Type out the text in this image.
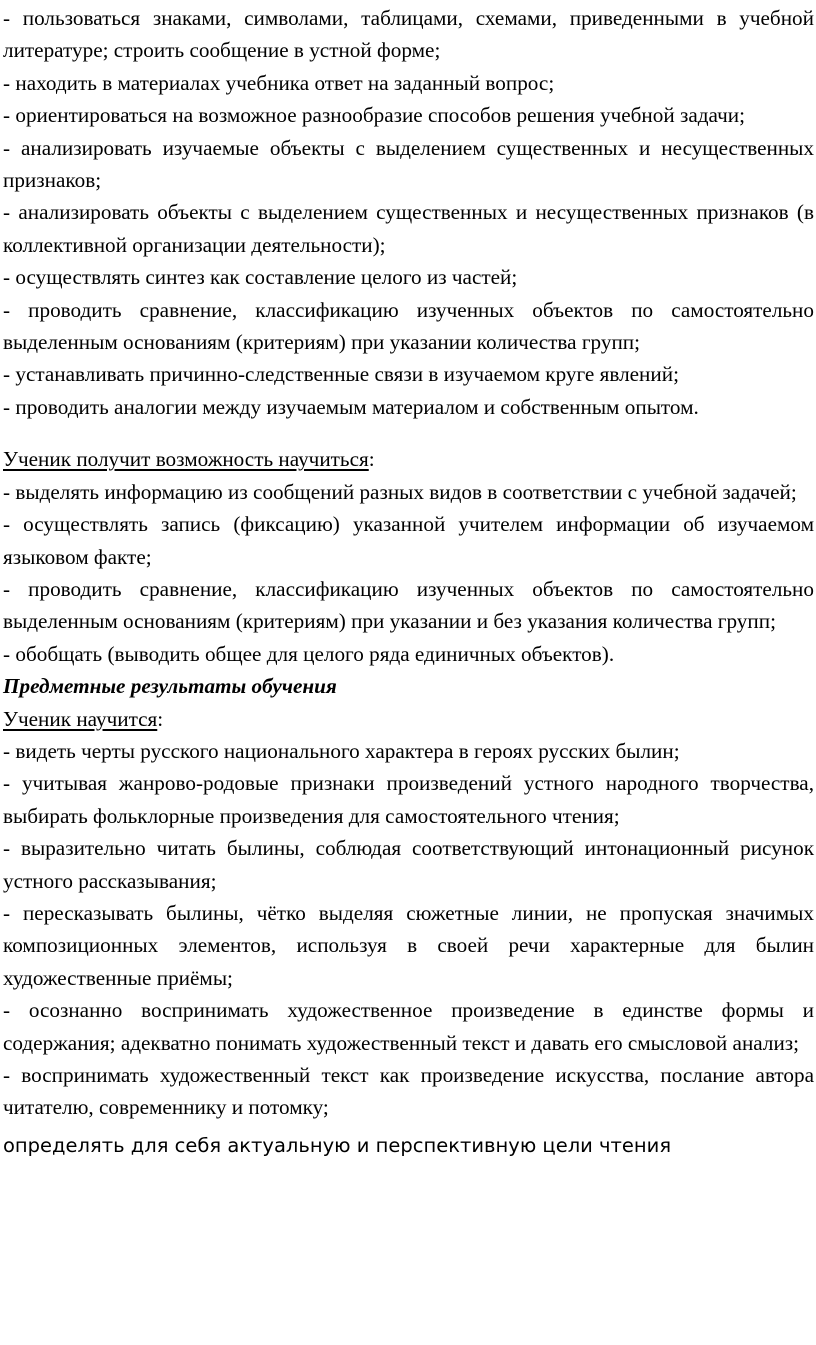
- пользоваться знаками, символами, таблицами, схемами, приведенными в учебной литературе; строить сообщение в устной форме;

- находить в материалах учебника ответ на заданный вопрос;

- ориентироваться на возможное разнообразие способов решения учебной задачи;

- анализировать изучаемые объекты с выделением существенных и несущественных признаков;

- анализировать объекты с выделением существенных и несущественных признаков (в коллективной организации деятельности);

- осуществлять синтез как составление целого из частей;

- проводить сравнение, классификацию изученных объектов по самостоятельно выделенным основаниям (критериям) при указании количества групп;

- устанавливать причинно-следственные связи в изучаемом круге явлений;

- проводить аналогии между изучаемым материалом и собственным опытом.

Ученик получит возможность научиться:

- выделять информацию из сообщений разных видов в соответствии с учебной задачей;

- осуществлять запись (фиксацию) указанной учителем информации об изучаемом языковом факте;

- проводить сравнение, классификацию изученных объектов по самостоятельно выделенным основаниям (критериям) при указании и без указания количества групп;

- обобщать (выводить общее для целого ряда единичных объектов).

Предметные результаты обучения

Ученик научится:

- видеть черты русского национального характера в героях русских былин;

- учитывая жанрово-родовые признаки произведений устного народного творчества, выбирать фольклорные произведения для самостоятельного чтения;

- выразительно читать былины, соблюдая соответствующий интонационный рисунок устного рассказывания;

- пересказывать былины, чётко выделяя сюжетные линии, не пропуская значимых композиционных элементов, используя в своей речи характерные для былин художественные приёмы;

- осознанно воспринимать художественное произведение в единстве формы и содержания; адекватно понимать художественный текст и давать его смысловой анализ;

- воспринимать художественный текст как произведение искусства, послание автора читателю, современнику и потомку;

определять для себя актуальную и перспективную цели чтения
